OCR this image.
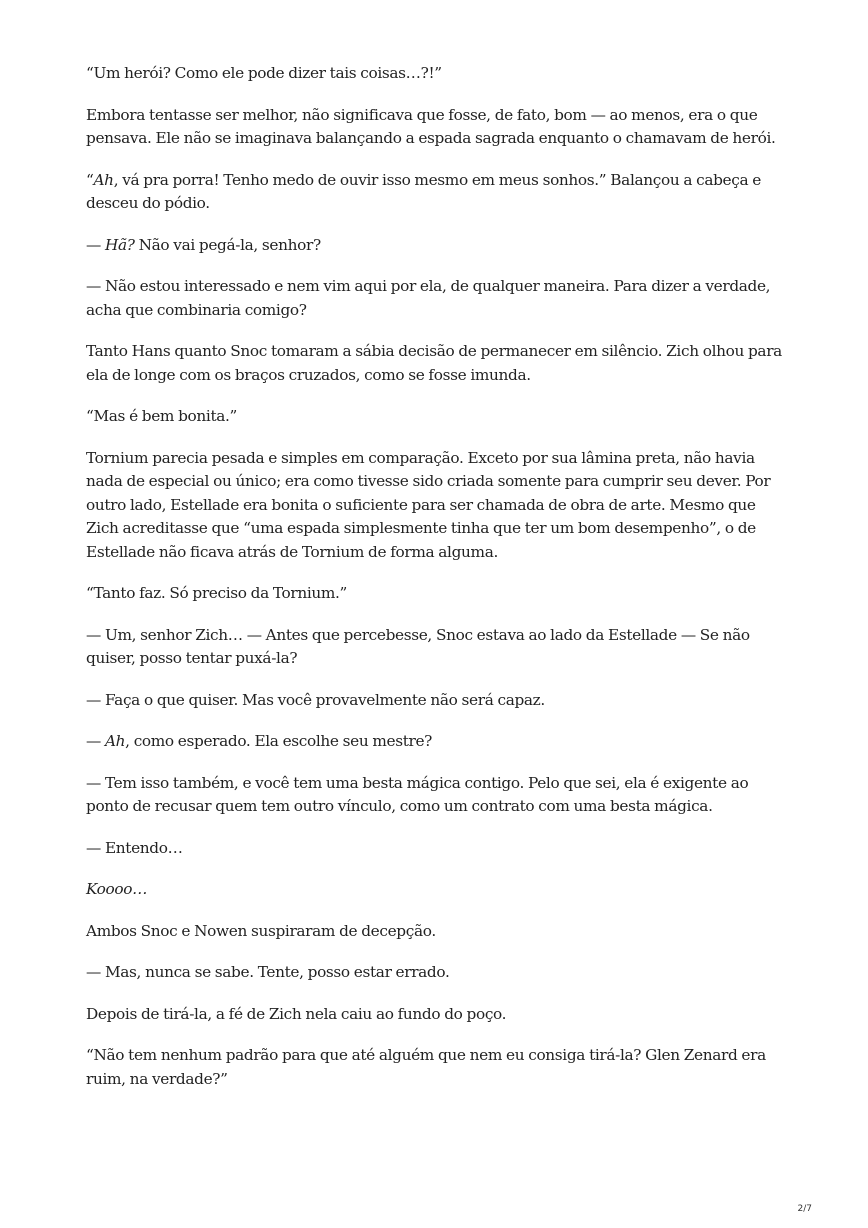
“Um herói? Como ele pode dizer tais coisas…?!”

Embora tentasse ser melhor, não significava que fosse, de fato, bom — ao menos, era o que pensava. Ele não se imaginava balançando a espada sagrada enquanto o chamavam de herói.

“Ah, vá pra porra! Tenho medo de ouvir isso mesmo em meus sonhos.” Balançou a cabeça e desceu do pódio.

— Hã? Não vai pegá-la, senhor?

— Não estou interessado e nem vim aqui por ela, de qualquer maneira. Para dizer a verdade, acha que combinaria comigo?

Tanto Hans quanto Snoc tomaram a sábia decisão de permanecer em silêncio. Zich olhou para ela de longe com os braços cruzados, como se fosse imunda.

“Mas é bem bonita.”

Tornium parecia pesada e simples em comparação. Exceto por sua lâmina preta, não havia nada de especial ou único; era como tivesse sido criada somente para cumprir seu dever. Por outro lado, Estellade era bonita o suficiente para ser chamada de obra de arte. Mesmo que Zich acreditasse que “uma espada simplesmente tinha que ter um bom desempenho”, o de Estellade não ficava atrás de Tornium de forma alguma.

“Tanto faz. Só preciso da Tornium.”

— Um, senhor Zich… — Antes que percebesse, Snoc estava ao lado da Estellade — Se não quiser, posso tentar puxá-la?

— Faça o que quiser. Mas você provavelmente não será capaz.

— Ah, como esperado. Ela escolhe seu mestre?

— Tem isso também, e você tem uma besta mágica contigo. Pelo que sei, ela é exigente ao ponto de recusar quem tem outro vínculo, como um contrato com uma besta mágica.

— Entendo…

Koooo…

Ambos Snoc e Nowen suspiraram de decepção.

— Mas, nunca se sabe. Tente, posso estar errado.

Depois de tirá-la, a fé de Zich nela caiu ao fundo do poço.

“Não tem nenhum padrão para que até alguém que nem eu consiga tirá-la? Glen Zenard era ruim, na verdade?”

2/7
